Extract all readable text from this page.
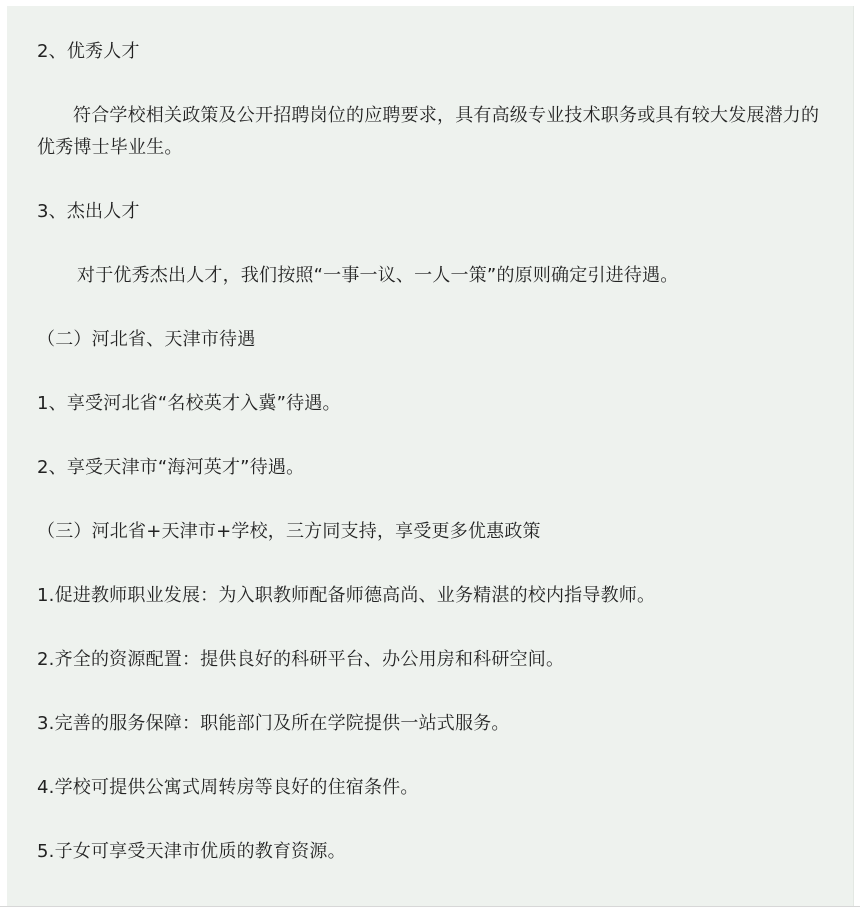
2、优秀人才

符合学校相关政策及公开招聘岗位的应聘要求，具有高级专业技术职务或具有较大发展潜力的优秀博士毕业生。

3、杰出人才

对于优秀杰出人才，我们按照“一事一议、一人一策”的原则确定引进待遇。

（二）河北省、天津市待遇

1、享受河北省“名校英才入冀”待遇。

2、享受天津市“海河英才”待遇。

（三）河北省+天津市+学校，三方同支持，享受更多优惠政策

1.促进教师职业发展：为入职教师配备师德高尚、业务精湛的校内指导教师。

2.齐全的资源配置：提供良好的科研平台、办公用房和科研空间。

3.完善的服务保障：职能部门及所在学院提供一站式服务。

4.学校可提供公寓式周转房等良好的住宿条件。

5.子女可享受天津市优质的教育资源。
